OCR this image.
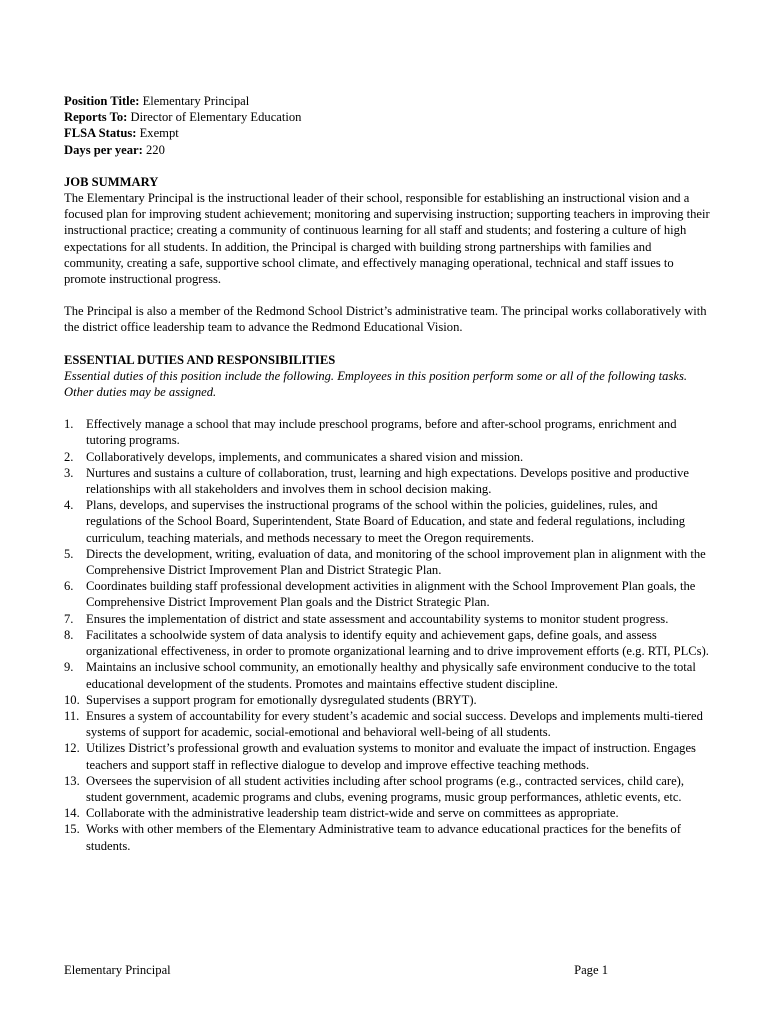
Position Title: Elementary Principal

Reports To: Director of Elementary Education

FLSA Status: Exempt

Days per year: 220

JOB SUMMARY

The Elementary Principal is the instructional leader of their school, responsible for establishing an instructional vision and a focused plan for improving student achievement; monitoring and supervising instruction; supporting teachers in improving their instructional practice; creating a community of continuous learning for all staff and students; and fostering a culture of high expectations for all students. In addition, the Principal is charged with building strong partnerships with families and community, creating a safe, supportive school climate, and effectively managing operational, technical and staff issues to promote instructional progress.

The Principal is also a member of the Redmond School District’s administrative team. The principal works collaboratively with the district office leadership team to advance the Redmond Educational Vision.

ESSENTIAL DUTIES AND RESPONSIBILITIES

Essential duties of this position include the following. Employees in this position perform some or all of the following tasks. Other duties may be assigned.

1. Effectively manage a school that may include preschool programs, before and after-school programs, enrichment and tutoring programs.
2. Collaboratively develops, implements, and communicates a shared vision and mission.
3. Nurtures and sustains a culture of collaboration, trust, learning and high expectations. Develops positive and productive relationships with all stakeholders and involves them in school decision making.
4. Plans, develops, and supervises the instructional programs of the school within the policies, guidelines, rules, and regulations of the School Board, Superintendent, State Board of Education, and state and federal regulations, including curriculum, teaching materials, and methods necessary to meet the Oregon requirements.
5. Directs the development, writing, evaluation of data, and monitoring of the school improvement plan in alignment with the Comprehensive District Improvement Plan and District Strategic Plan.
6. Coordinates building staff professional development activities in alignment with the School Improvement Plan goals, the Comprehensive District Improvement Plan goals and the District Strategic Plan.
7. Ensures the implementation of district and state assessment and accountability systems to monitor student progress.
8. Facilitates a schoolwide system of data analysis to identify equity and achievement gaps, define goals, and assess organizational effectiveness, in order to promote organizational learning and to drive improvement efforts (e.g. RTI, PLCs).
9. Maintains an inclusive school community, an emotionally healthy and physically safe environment conducive to the total educational development of the students. Promotes and maintains effective student discipline.
10. Supervises a support program for emotionally dysregulated students (BRYT).
11. Ensures a system of accountability for every student’s academic and social success. Develops and implements multi-tiered systems of support for academic, social-emotional and behavioral well-being of all students.
12. Utilizes District’s professional growth and evaluation systems to monitor and evaluate the impact of instruction. Engages teachers and support staff in reflective dialogue to develop and improve effective teaching methods.
13. Oversees the supervision of all student activities including after school programs (e.g., contracted services, child care), student government, academic programs and clubs, evening programs, music group performances, athletic events, etc.
14. Collaborate with the administrative leadership team district-wide and serve on committees as appropriate.
15. Works with other members of the Elementary Administrative team to advance educational practices for the benefits of students.
Elementary Principal	Page 1
